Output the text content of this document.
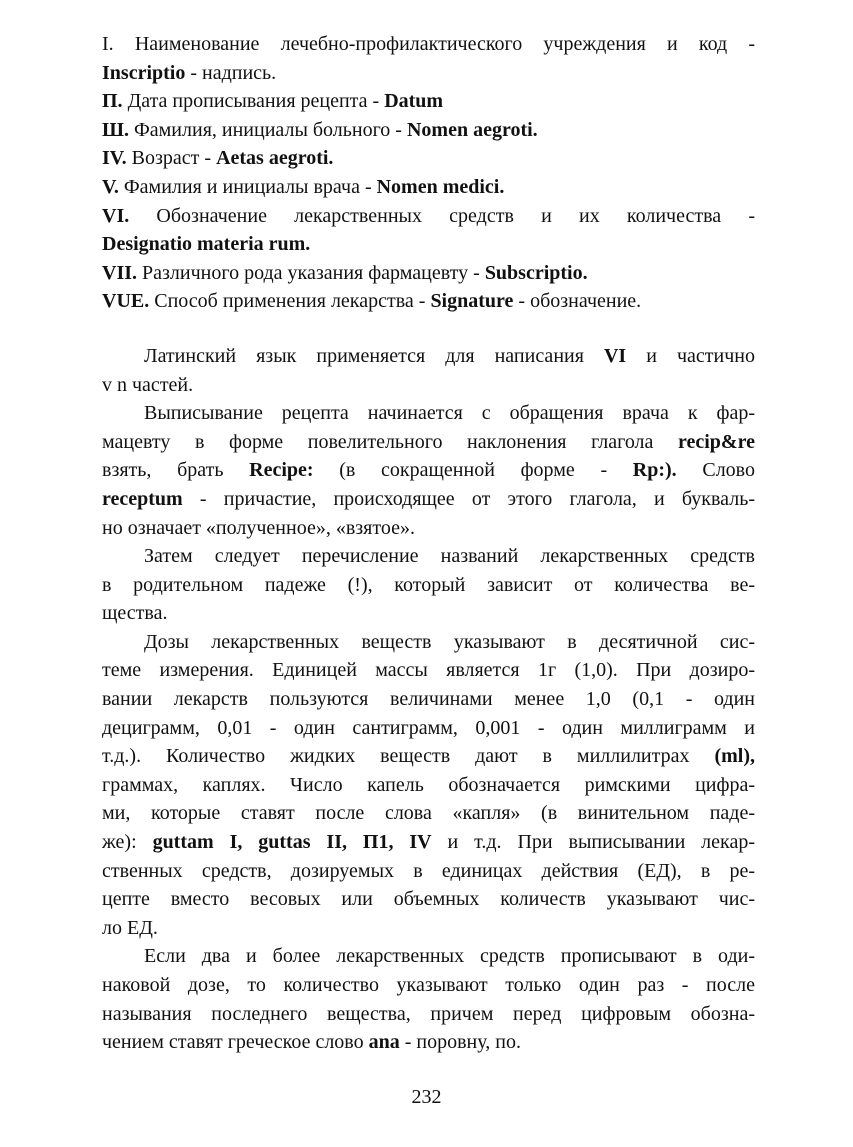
I. Наименование лечебно-профилактического учреждения и код -
Inscriptio - надпись.
П. Дата прописывания рецепта - Datum
Ш. Фамилия, инициалы больного - Nomen aegroti.
IV. Возраст - Aetas aegroti.
V. Фамилия и инициалы врача - Nomen medici.
VI. Обозначение лекарственных средств и их количества -
Designatio materia rum.
VII. Различного рода указания фармацевту - Subscriptio.
VUE. Способ применения лекарства - Signature - обозначение.
Латинский язык применяется для написания VI и частично
v n частей.
Выписывание рецепта начинается с обращения врача к фар-
мацевту в форме повелительного наклонения глагола recip&re
взять, брать Recipe: (в сокращенной форме - Rp:). Слово
receptum - причастие, происходящее от этого глагола, и букваль-
но означает «полученное», «взятое».
Затем следует перечисление названий лекарственных средств
в родительном падеже (!), который зависит от количества ве-
щества.
Дозы лекарственных веществ указывают в десятичной сис-
теме измерения. Единицей массы является 1г (1,0). При дозиро-
вании лекарств пользуются величинами менее 1,0 (0,1 - один
дециграмм, 0,01 - один сантиграмм, 0,001 - один миллиграмм и
т.д.). Количество жидких веществ дают в миллилитрах (ml),
граммах, каплях. Число капель обозначается римскими цифра-
ми, которые ставят после слова «капля» (в винительном паде-
же): guttam I, guttas II, П1, IV и т.д. При выписывании лекар-
ственных средств, дозируемых в единицах действия (ЕД), в ре-
цепте вместо весовых или объемных количеств указывают чис-
ло ЕД.
Если два и более лекарственных средств прописывают в оди-
наковой дозе, то количество указывают только один раз - после
называния последнего вещества, причем перед цифровым обозна-
чением ставят греческое слово ana - поровну, по.
232
